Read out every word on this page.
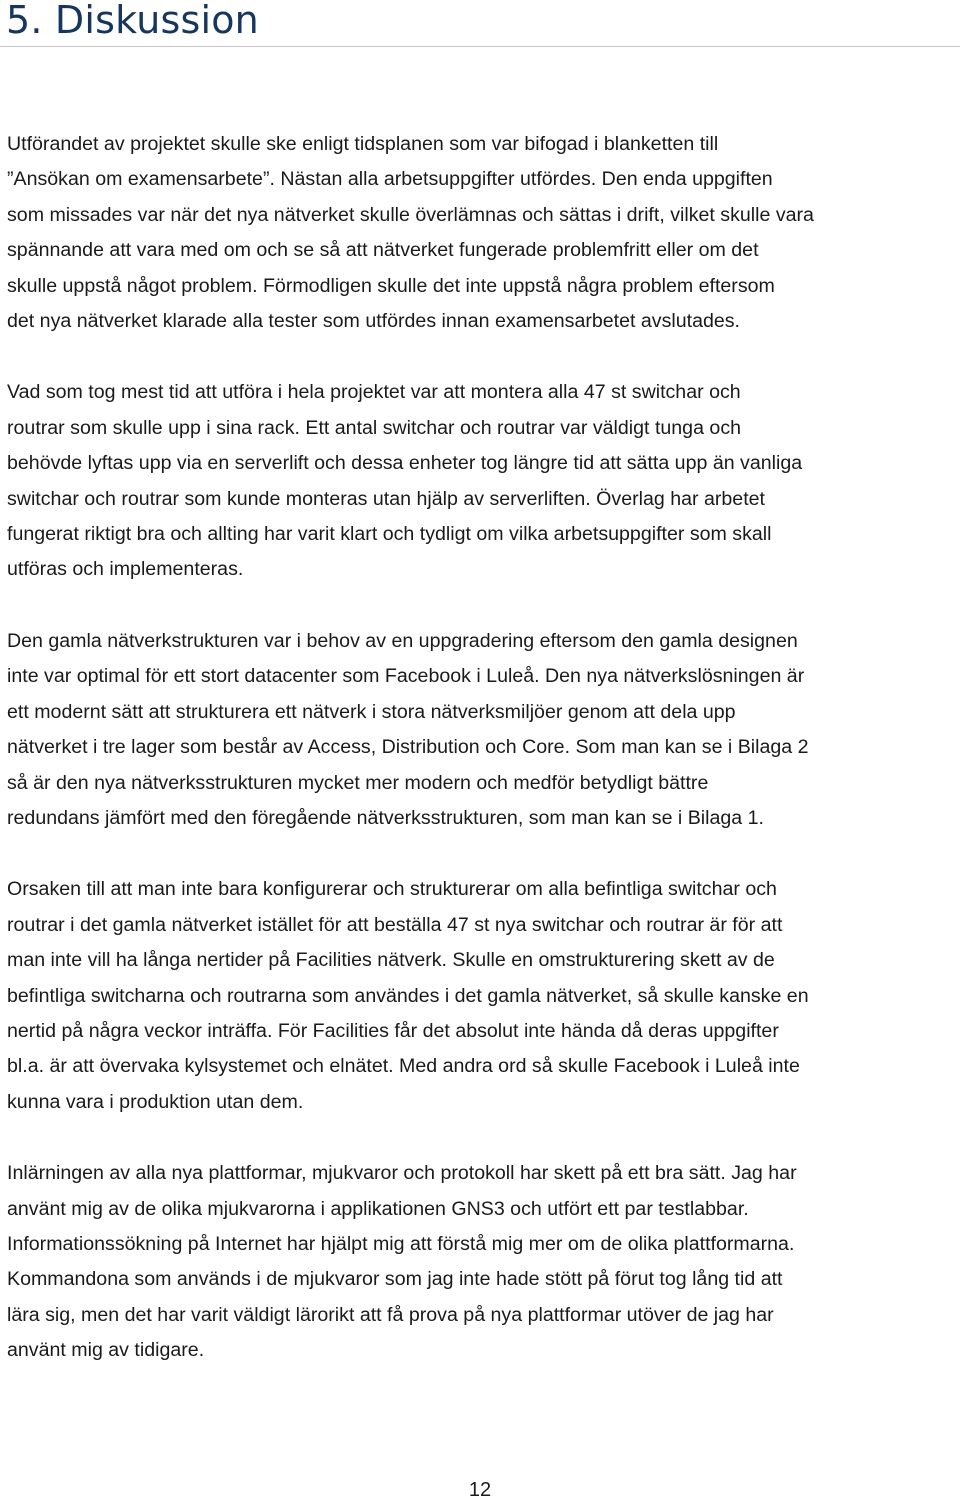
5. Diskussion

Utförandet av projektet skulle ske enligt tidsplanen som var bifogad i blanketten till
”Ansökan om examensarbete”. Nästan alla arbetsuppgifter utfördes. Den enda uppgiften
som missades var när det nya nätverket skulle överlämnas och sättas i drift, vilket skulle vara
spännande att vara med om och se så att nätverket fungerade problemfritt eller om det
skulle uppstå något problem. Förmodligen skulle det inte uppstå några problem eftersom
det nya nätverket klarade alla tester som utfördes innan examensarbetet avslutades.

Vad som tog mest tid att utföra i hela projektet var att montera alla 47 st switchar och
routrar som skulle upp i sina rack. Ett antal switchar och routrar var väldigt tunga och
behövde lyftas upp via en serverlift och dessa enheter tog längre tid att sätta upp än vanliga
switchar och routrar som kunde monteras utan hjälp av serverliften. Överlag har arbetet
fungerat riktigt bra och allting har varit klart och tydligt om vilka arbetsuppgifter som skall
utföras och implementeras.

Den gamla nätverkstrukturen var i behov av en uppgradering eftersom den gamla designen
inte var optimal för ett stort datacenter som Facebook i Luleå. Den nya nätverkslösningen är
ett modernt sätt att strukturera ett nätverk i stora nätverksmiljöer genom att dela upp
nätverket i tre lager som består av Access, Distribution och Core. Som man kan se i Bilaga 2
så är den nya nätverksstrukturen mycket mer modern och medför betydligt bättre
redundans jämfört med den föregående nätverksstrukturen, som man kan se i Bilaga 1.

Orsaken till att man inte bara konfigurerar och strukturerar om alla befintliga switchar och
routrar i det gamla nätverket istället för att beställa 47 st nya switchar och routrar är för att
man inte vill ha långa nertider på Facilities nätverk. Skulle en omstrukturering skett av de
befintliga switcharna och routrarna som användes i det gamla nätverket, så skulle kanske en
nertid på några veckor inträffa. För Facilities får det absolut inte hända då deras uppgifter
bl.a. är att övervaka kylsystemet och elnätet. Med andra ord så skulle Facebook i Luleå inte
kunna vara i produktion utan dem.

Inlärningen av alla nya plattformar, mjukvaror och protokoll har skett på ett bra sätt. Jag har
använt mig av de olika mjukvarorna i applikationen GNS3 och utfört ett par testlabbar.
Informationssökning på Internet har hjälpt mig att förstå mig mer om de olika plattformarna.
Kommandona som används i de mjukvaror som jag inte hade stött på förut tog lång tid att
lära sig, men det har varit väldigt lärorikt att få prova på nya plattformar utöver de jag har
använt mig av tidigare.

12
